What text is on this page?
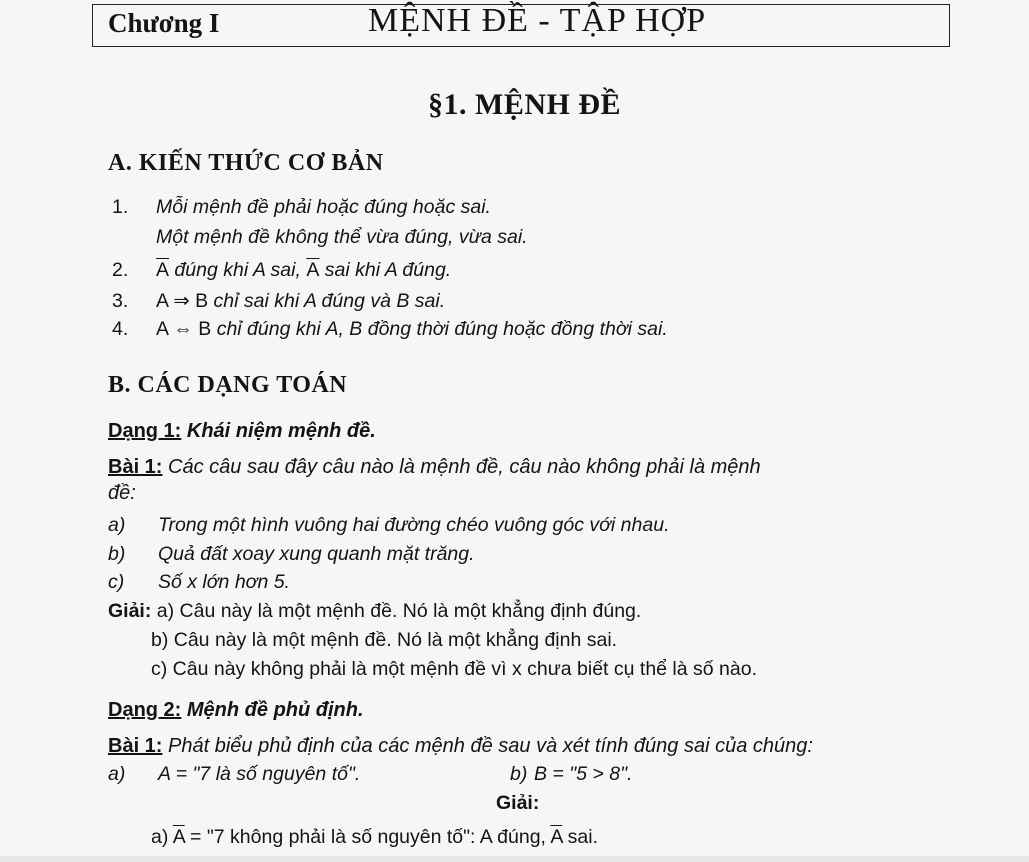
Chương I	MỆNH ĐỀ - TẬP HỢP
§1. MỆNH ĐỀ
A. KIẾN THỨC CƠ BẢN
1. Mỗi mệnh đề phải hoặc đúng hoặc sai.
Một mệnh đề không thể vừa đúng, vừa sai.
2. $\overline{A}$ đúng khi A sai, $\overline{A}$ sai khi A đúng.
3. A ⇒ B chỉ sai khi A đúng và B sai.
4. A ⇔ B chỉ đúng khi A, B đồng thời đúng hoặc đồng thời sai.
B. CÁC DẠNG TOÁN
Dạng 1: Khái niệm mệnh đề.
Bài 1: Các câu sau đây câu nào là mệnh đề, câu nào không phải là mệnh
đề:
a) Trong một hình vuông hai đường chéo vuông góc với nhau.
b) Quả đất xoay xung quanh mặt trăng.
c) Số x lớn hơn 5.
Giải: a) Câu này là một mệnh đề. Nó là một khẳng định đúng.
b) Câu này là một mệnh đề. Nó là một khẳng định sai.
c) Câu này không phải là một mệnh đề vì x chưa biết cụ thể là số nào.
Dạng 2: Mệnh đề phủ định.
Bài 1: Phát biểu phủ định của các mệnh đề sau và xét tính đúng sai của chúng:
a) A = "7 là số nguyên tố".	b) B = "5 > 8".
Giải:
a) $\overline{A}$ = "7 không phải là số nguyên tố": A đúng, $\overline{A}$ sai.
